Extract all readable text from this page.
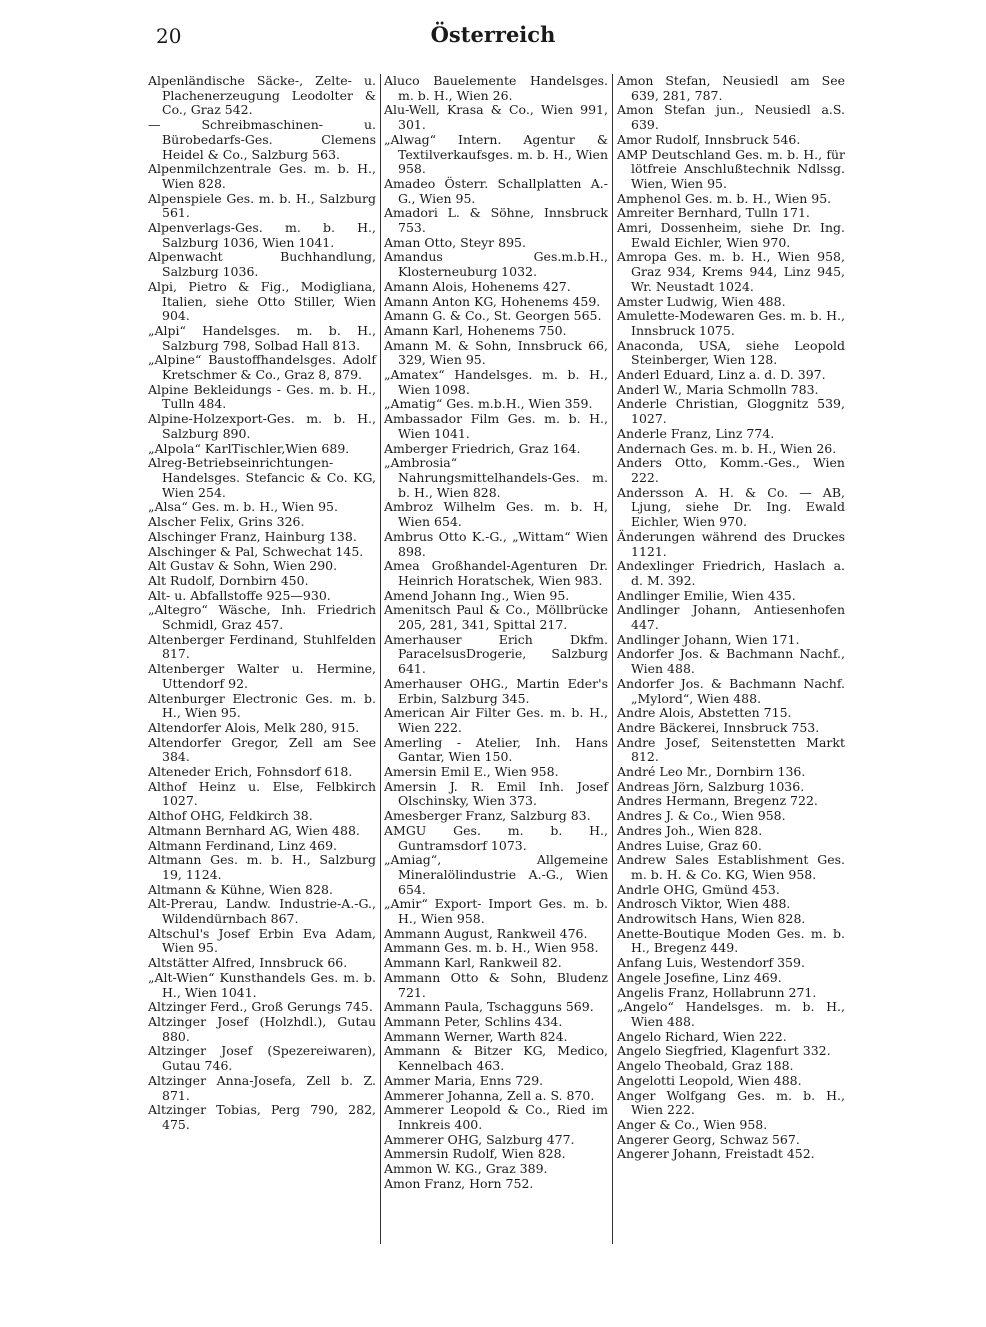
20	Österreich

Alpenländische Säcke-, Zelte- u. Plachenerzeugung Leodolter & Co., Graz 542.

— Schreibmaschinen- u. Bürobedarfs-Ges. Clemens Heidel & Co., Salzburg 563.

Alpenmilchzentrale Ges. m. b. H., Wien 828.

Alpenspiele Ges. m. b. H., Salzburg 561.

Alpenverlags-Ges. m. b. H., Salzburg 1036, Wien 1041.

Alpenwacht Buchhandlung, Salzburg 1036.

Alpi, Pietro & Fig., Modigliana, Italien, siehe Otto Stiller, Wien 904.

„Alpi“ Handelsges. m. b. H., Salzburg 798, Solbad Hall 813.

„Alpine“ Baustoffhandelsges. Adolf Kretschmer & Co., Graz 8, 879.

Alpine Bekleidungs - Ges. m. b. H., Tulln 484.

Alpine-Holzexport-Ges. m. b. H., Salzburg 890.

„Alpola“ KarlTischler,Wien 689.

Alreg-Betriebseinrichtungen-Handelsges. Stefancic & Co. KG, Wien 254.

„Alsa“ Ges. m. b. H., Wien 95.

Alscher Felix, Grins 326.

Alschinger Franz, Hainburg 138.

Alschinger & Pal, Schwechat 145.

Alt Gustav & Sohn, Wien 290.

Alt Rudolf, Dornbirn 450.

Alt- u. Abfallstoffe 925—930.

„Altegro“ Wäsche, Inh. Friedrich Schmidl, Graz 457.

Altenberger Ferdinand, Stuhlfelden 817.

Altenberger Walter u. Hermine, Uttendorf 92.

Altenburger Electronic Ges. m. b. H., Wien 95.

Altendorfer Alois, Melk 280, 915.

Altendorfer Gregor, Zell am See 384.

Alteneder Erich, Fohnsdorf 618.

Althof Heinz u. Else, Felbkirch 1027.

Althof OHG, Feldkirch 38.

Altmann Bernhard AG, Wien 488.

Altmann Ferdinand, Linz 469.

Altmann Ges. m. b. H., Salzburg 19, 1124.

Altmann & Kühne, Wien 828.

Alt-Prerau, Landw. Industrie-A.-G., Wildendürnbach 867.

Altschul's Josef Erbin Eva Adam, Wien 95.

Altstätter Alfred, Innsbruck 66.

„Alt-Wien“ Kunsthandels Ges. m. b. H., Wien 1041.

Altzinger Ferd., Groß Gerungs 745.

Altzinger Josef (Holzhdl.), Gutau 880.

Altzinger Josef (Spezereiwaren), Gutau 746.

Altzinger Anna-Josefa, Zell b. Z. 871.

Altzinger Tobias, Perg 790, 282, 475.

Aluco Bauelemente Handelsges. m. b. H., Wien 26.

Alu-Well, Krasa & Co., Wien 991, 301.

„Alwag“ Intern. Agentur & Textilverkaufsges. m. b. H., Wien 958.

Amadeo Österr. Schallplatten A.-G., Wien 95.

Amadori L. & Söhne, Innsbruck 753.

Aman Otto, Steyr 895.

Amandus Ges.m.b.H., Klosterneuburg 1032.

Amann Alois, Hohenems 427.

Amann Anton KG, Hohenems 459.

Amann G. & Co., St. Georgen 565.

Amann Karl, Hohenems 750.

Amann M. & Sohn, Innsbruck 66, 329, Wien 95.

„Amatex“ Handelsges. m. b. H., Wien 1098.

„Amatig“ Ges. m.b.H., Wien 359.

Ambassador Film Ges. m. b. H., Wien 1041.

Amberger Friedrich, Graz 164.

„Ambrosia“ Nahrungsmittelhandels-Ges. m. b. H., Wien 828.

Ambroz Wilhelm Ges. m. b. H, Wien 654.

Ambrus Otto K.-G., „Wittam“ Wien 898.

Amea Großhandel-Agenturen Dr. Heinrich Horatschek, Wien 983.

Amend Johann Ing., Wien 95.

Amenitsch Paul & Co., Möllbrücke 205, 281, 341, Spittal 217.

Amerhauser Erich Dkfm. ParacelsusDrogerie, Salzburg 641.

Amerhauser OHG., Martin Eder's Erbin, Salzburg 345.

American Air Filter Ges. m. b. H., Wien 222.

Amerling - Atelier, Inh. Hans Gantar, Wien 150.

Amersin Emil E., Wien 958.

Amersin J. R. Emil Inh. Josef Olschinsky, Wien 373.

Amesberger Franz, Salzburg 83.

AMGU Ges. m. b. H., Guntramsdorf 1073.

„Amiag“, Allgemeine Mineralölindustrie A.-G., Wien 654.

„Amir“ Export- Import Ges. m. b. H., Wien 958.

Ammann August, Rankweil 476.

Ammann Ges. m. b. H., Wien 958.

Ammann Karl, Rankweil 82.

Ammann Otto & Sohn, Bludenz 721.

Ammann Paula, Tschagguns 569.

Ammann Peter, Schlins 434.

Ammann Werner, Warth 824.

Ammann & Bitzer KG, Medico, Kennelbach 463.

Ammer Maria, Enns 729.

Ammerer Johanna, Zell a. S. 870.

Ammerer Leopold & Co., Ried im Innkreis 400.

Ammerer OHG, Salzburg 477.

Ammersin Rudolf, Wien 828.

Ammon W. KG., Graz 389.

Amon Franz, Horn 752.

Amon Stefan, Neusiedl am See 639, 281, 787.

Amon Stefan jun., Neusiedl a.S. 639.

Amor Rudolf, Innsbruck 546.

AMP Deutschland Ges. m. b. H., für lötfreie Anschlußtechnik Ndlssg. Wien, Wien 95.

Amphenol Ges. m. b. H., Wien 95.

Amreiter Bernhard, Tulln 171.

Amri, Dossenheim, siehe Dr. Ing. Ewald Eichler, Wien 970.

Amropa Ges. m. b. H., Wien 958, Graz 934, Krems 944, Linz 945, Wr. Neustadt 1024.

Amster Ludwig, Wien 488.

Amulette-Modewaren Ges. m. b. H., Innsbruck 1075.

Anaconda, USA, siehe Leopold Steinberger, Wien 128.

Anderl Eduard, Linz a. d. D. 397.

Anderl W., Maria Schmolln 783.

Anderle Christian, Gloggnitz 539, 1027.

Anderle Franz, Linz 774.

Andernach Ges. m. b. H., Wien 26.

Anders Otto, Komm.-Ges., Wien 222.

Andersson A. H. & Co. — AB, Ljung, siehe Dr. Ing. Ewald Eichler, Wien 970.

Änderungen während des Druckes 1121.

Andexlinger Friedrich, Haslach a. d. M. 392.

Andlinger Emilie, Wien 435.

Andlinger Johann, Antiesenhofen 447.

Andlinger Johann, Wien 171.

Andorfer Jos. & Bachmann Nachf., Wien 488.

Andorfer Jos. & Bachmann Nachf. „Mylord“, Wien 488.

Andre Alois, Abstetten 715.

Andre Bäckerei, Innsbruck 753.

Andre Josef, Seitenstetten Markt 812.

André Leo Mr., Dornbirn 136.

Andreas Jörn, Salzburg 1036.

Andres Hermann, Bregenz 722.

Andres J. & Co., Wien 958.

Andres Joh., Wien 828.

Andres Luise, Graz 60.

Andrew Sales Establishment Ges. m. b. H. & Co. KG, Wien 958.

Andrle OHG, Gmünd 453.

Androsch Viktor, Wien 488.

Androwitsch Hans, Wien 828.

Anette-Boutique Moden Ges. m. b. H., Bregenz 449.

Anfang Luis, Westendorf 359.

Angele Josefine, Linz 469.

Angelis Franz, Hollabrunn 271.

„Angelo“ Handelsges. m. b. H., Wien 488.

Angelo Richard, Wien 222.

Angelo Siegfried, Klagenfurt 332.

Angelo Theobald, Graz 188.

Angelotti Leopold, Wien 488.

Anger Wolfgang Ges. m. b. H., Wien 222.

Anger & Co., Wien 958.

Angerer Georg, Schwaz 567.

Angerer Johann, Freistadt 452.
